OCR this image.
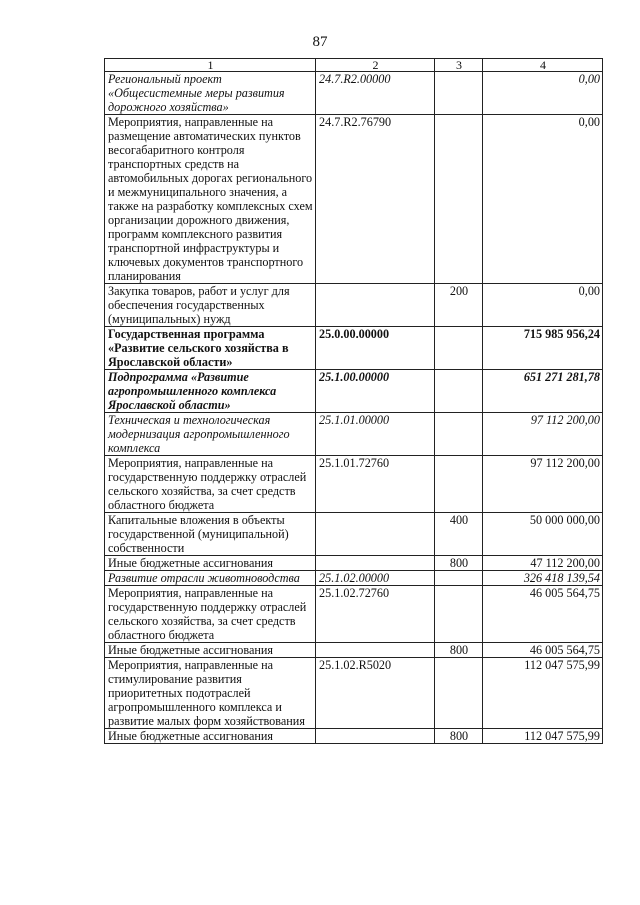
87
1	2	3	4
Региональный проект «Общесистемные меры развития дорожного хозяйства»	24.7.R2.00000		0,00
Мероприятия, направленные на размещение автоматических пунктов весогабаритного контроля транспортных средств на автомобильных дорогах регионального и межмуниципального значения, а также на разработку комплексных схем организации дорожного движения, программ комплексного развития транспортной инфраструктуры и ключевых документов транспортного планирования	24.7.R2.76790		0,00
Закупка товаров, работ и услуг для обеспечения государственных (муниципальных) нужд		200	0,00
Государственная программа «Развитие сельского хозяйства в Ярославской области»	25.0.00.00000		715 985 956,24
Подпрограмма «Развитие агропромышленного комплекса Ярославской области»	25.1.00.00000		651 271 281,78
Техническая и технологическая модернизация агропромышленного комплекса	25.1.01.00000		97 112 200,00
Мероприятия, направленные на государственную поддержку отраслей сельского хозяйства, за счет средств областного бюджета	25.1.01.72760		97 112 200,00
Капитальные вложения в объекты государственной (муниципальной) собственности		400	50 000 000,00
Иные бюджетные ассигнования		800	47 112 200,00
Развитие отрасли животноводства	25.1.02.00000		326 418 139,54
Мероприятия, направленные на государственную поддержку отраслей сельского хозяйства, за счет средств областного бюджета	25.1.02.72760		46 005 564,75
Иные бюджетные ассигнования		800	46 005 564,75
Мероприятия, направленные на стимулирование развития приоритетных подотраслей агропромышленного комплекса и развитие малых форм хозяйствования	25.1.02.R5020		112 047 575,99
Иные бюджетные ассигнования		800	112 047 575,99
